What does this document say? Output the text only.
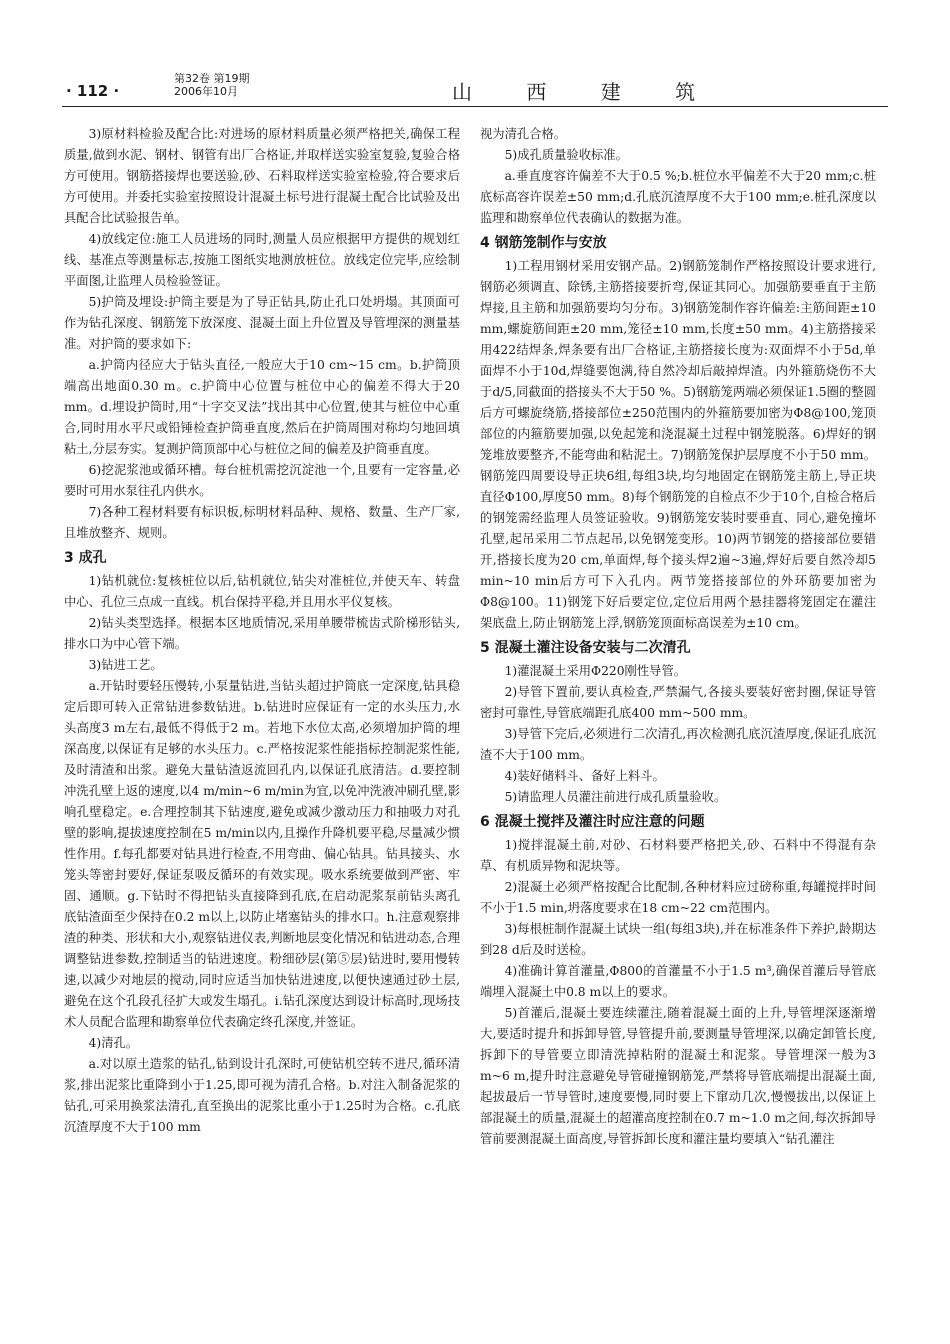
· 112 ·
第32卷 第19期
2006年10月	山 西 建 筑

3)原材料检验及配合比:对进场的原材料质量必须严格把关,确保工程质量,做到水泥、钢材、钢管有出厂合格证,并取样送实验室复验,复验合格方可使用。钢筋搭接焊也要送验,砂、石料取样送实验室检验,符合要求后方可使用。并委托实验室按照设计混凝土标号进行混凝土配合比试验及出具配合比试验报告单。

4)放线定位:施工人员进场的同时,测量人员应根据甲方提供的规划红线、基准点等测量标志,按施工图纸实地测放桩位。放线定位完毕,应绘制平面图,让监理人员检验签证。

5)护筒及埋设:护筒主要是为了导正钻具,防止孔口处坍塌。其顶面可作为钻孔深度、钢筋笼下放深度、混凝土面上升位置及导管埋深的测量基准。对护筒的要求如下:

a.护筒内径应大于钻头直径,一般应大于10 cm~15 cm。b.护筒顶端高出地面0.30 m。c.护筒中心位置与桩位中心的偏差不得大于20 mm。d.埋设护筒时,用“十字交叉法”找出其中心位置,使其与桩位中心重合,同时用水平尺或铅锤检查护筒垂直度,然后在护筒周围对称均匀地回填粘土,分层夯实。复测护筒顶部中心与桩位之间的偏差及护筒垂直度。

6)挖泥浆池或循环槽。每台桩机需挖沉淀池一个,且要有一定容量,必要时可用水泵往孔内供水。

7)各种工程材料要有标识板,标明材料品种、规格、数量、生产厂家,且堆放整齐、规则。

3 成孔

1)钻机就位:复核桩位以后,钻机就位,钻尖对准桩位,并使天车、转盘中心、孔位三点成一直线。机台保持平稳,并且用水平仪复核。

2)钻头类型选择。根据本区地质情况,采用单腰带梳齿式阶梯形钻头,排水口为中心管下端。

3)钻进工艺。

a.开钻时要轻压慢转,小泵量钻进,当钻头超过护筒底一定深度,钻具稳定后即可转入正常钻进参数钻进。b.钻进时应保证有一定的水头压力,水头高度3 m左右,最低不得低于2 m。若地下水位太高,必须增加护筒的埋深高度,以保证有足够的水头压力。c.严格按泥浆性能指标控制泥浆性能,及时清渣和出浆。避免大量钻渣返流回孔内,以保证孔底清洁。d.要控制冲洗孔壁上返的速度,以4 m/min~6 m/min为宜,以免冲洗液冲刷孔壁,影响孔壁稳定。e.合理控制其下钻速度,避免或减少激动压力和抽吸力对孔壁的影响,提拔速度控制在5 m/min以内,且操作升降机要平稳,尽量减少惯性作用。f.每孔都要对钻具进行检查,不用弯曲、偏心钻具。钻具接头、水笼头等密封要好,保证泵吸反循环的有效实现。吸水系统要做到严密、牢固、通顺。g.下钻时不得把钻头直接降到孔底,在启动泥浆泵前钻头离孔底钻渣面至少保持在0.2 m以上,以防止堵塞钻头的排水口。h.注意观察排渣的种类、形状和大小,观察钻进仪表,判断地层变化情况和钻进动态,合理调整钻进参数,控制适当的钻进速度。粉细砂层(第⑤层)钻进时,要用慢转速,以减少对地层的搅动,同时应适当加快钻进速度,以便快速通过砂土层,避免在这个孔段孔径扩大或发生塌孔。i.钻孔深度达到设计标高时,现场技术人员配合监理和勘察单位代表确定终孔深度,并签证。

4)清孔。

a.对以原土造浆的钻孔,钻到设计孔深时,可使钻机空转不进尺,循环清浆,排出泥浆比重降到小于1.25,即可视为清孔合格。b.对注入制备泥浆的钻孔,可采用换浆法清孔,直至换出的泥浆比重小于1.25时为合格。c.孔底沉渣厚度不大于100 mm

视为清孔合格。

5)成孔质量验收标准。

a.垂直度容许偏差不大于0.5 %;b.桩位水平偏差不大于20 mm;c.桩底标高容许误差±50 mm;d.孔底沉渣厚度不大于100 mm;e.桩孔深度以监理和勘察单位代表确认的数据为准。

4 钢筋笼制作与安放

1)工程用钢材采用安钢产品。2)钢筋笼制作严格按照设计要求进行,钢筋必须调直、除锈,主筋搭接要折弯,保证其同心。加强筋要垂直于主筋焊接,且主筋和加强筋要均匀分布。3)钢筋笼制作容许偏差:主筋间距±10 mm,螺旋筋间距±20 mm,笼径±10 mm,长度±50 mm。4)主筋搭接采用422结焊条,焊条要有出厂合格证,主筋搭接长度为:双面焊不小于5d,单面焊不小于10d,焊缝要饱满,待自然冷却后敲掉焊渣。内外箍筋烧伤不大于d/5,同截面的搭接头不大于50 %。5)钢筋笼两端必须保证1.5圈的整圆后方可螺旋绕筋,搭接部位±250范围内的外箍筋要加密为Φ8@100,笼顶部位的内箍筋要加强,以免起笼和浇混凝土过程中钢笼脱落。6)焊好的钢笼堆放要整齐,不能弯曲和粘泥土。7)钢筋笼保护层厚度不小于50 mm。钢筋笼四周要设导正块6组,每组3块,均匀地固定在钢筋笼主筋上,导正块直径Φ100,厚度50 mm。8)每个钢筋笼的自检点不少于10个,自检合格后的钢笼需经监理人员签证验收。9)钢筋笼安装时要垂直、同心,避免撞坏孔壁,起吊采用二节点起吊,以免钢笼变形。10)两节钢笼的搭接部位要错开,搭接长度为20 cm,单面焊,每个接头焊2遍~3遍,焊好后要自然冷却5 min~10 min后方可下入孔内。两节笼搭接部位的外环筋要加密为Φ8@100。11)钢笼下好后要定位,定位后用两个悬挂器将笼固定在灌注架底盘上,防止钢筋笼上浮,钢筋笼顶面标高误差为±10 cm。

5 混凝土灌注设备安装与二次清孔

1)灌混凝土采用Φ220刚性导管。

2)导管下置前,要认真检查,严禁漏气,各接头要装好密封圈,保证导管密封可靠性,导管底端距孔底400 mm~500 mm。

3)导管下完后,必须进行二次清孔,再次检测孔底沉渣厚度,保证孔底沉渣不大于100 mm。

4)装好储料斗、备好上料斗。

5)请监理人员灌注前进行成孔质量验收。

6 混凝土搅拌及灌注时应注意的问题

1)搅拌混凝土前,对砂、石材料要严格把关,砂、石料中不得混有杂草、有机质异物和泥块等。

2)混凝土必须严格按配合比配制,各种材料应过磅称重,每罐搅拌时间不小于1.5 min,坍落度要求在18 cm~22 cm范围内。

3)每根桩制作混凝土试块一组(每组3块),并在标准条件下养护,龄期达到28 d后及时送检。

4)准确计算首灌量,Φ800的首灌量不小于1.5 m³,确保首灌后导管底端埋入混凝土中0.8 m以上的要求。

5)首灌后,混凝土要连续灌注,随着混凝土面的上升,导管埋深逐渐增大,要适时提升和拆卸导管,导管提升前,要测量导管埋深,以确定卸管长度,拆卸下的导管要立即清洗掉粘附的混凝土和泥浆。导管埋深一般为3 m~6 m,提升时注意避免导管碰撞钢筋笼,严禁将导管底端提出混凝土面,起拔最后一节导管时,速度要慢,同时要上下窜动几次,慢慢拔出,以保证上部混凝土的质量,混凝土的超灌高度控制在0.7 m~1.0 m之间,每次拆卸导管前要测混凝土面高度,导管拆卸长度和灌注量均要填入“钻孔灌注
